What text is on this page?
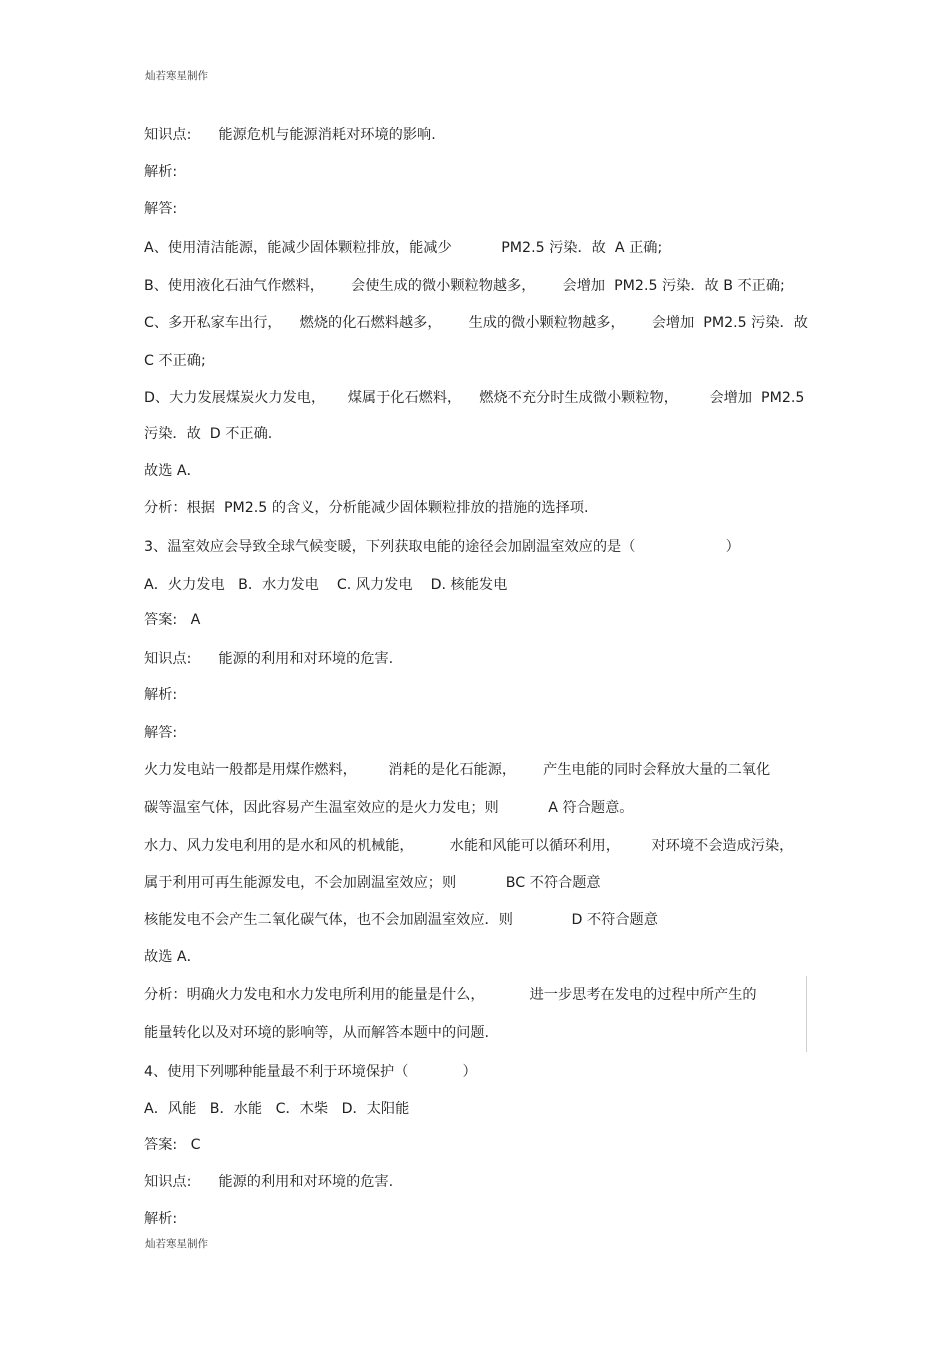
灿若寒星制作
知识点:      能源危机与能源消耗对环境的影响.
解析:
解答:
A、使用清洁能源，能减少固体颗粒排放，能减少           PM2.5 污染．故  A 正确;
B、使用液化石油气作燃料，      会使生成的微小颗粒物越多，      会增加  PM2.5 污染．故 B 不正确;
C、多开私家车出行，    燃烧的化石燃料越多，      生成的微小颗粒物越多，      会增加  PM2.5 污染．故
C 不正确;
D、大力发展煤炭火力发电，     煤属于化石燃料，    燃烧不充分时生成微小颗粒物，       会增加  PM2.5
污染．故  D 不正确.
故选 A．
分析：根据  PM2.5 的含义，分析能减少固体颗粒排放的措施的选择项.
3、温室效应会导致全球气候变暖，下列获取电能的途径会加剧温室效应的是（                    ）
A．火力发电   B．水力发电    C. 风力发电    D. 核能发电
答案:   A
知识点:      能源的利用和对环境的危害.
解析:
解答:
火力发电站一般都是用煤作燃料，       消耗的是化石能源，      产生电能的同时会释放大量的二氧化
碳等温室气体，因此容易产生温室效应的是火力发电；则           A 符合题意。
水力、风力发电利用的是水和风的机械能，        水能和风能可以循环利用，       对环境不会造成污染，
属于利用可再生能源发电，不会加剧温室效应；则           BC 不符合题意
核能发电不会产生二氧化碳气体，也不会加剧温室效应．则             D 不符合题意
故选 A．
分析：明确火力发电和水力发电所利用的能量是什么，          进一步思考在发电的过程中所产生的
能量转化以及对环境的影响等，从而解答本题中的问题.
4、使用下列哪种能量最不利于环境保护（            ）
A．风能   B．水能   C．木柴   D．太阳能
答案:   C
知识点:      能源的利用和对环境的危害.
解析:
灿若寒星制作
